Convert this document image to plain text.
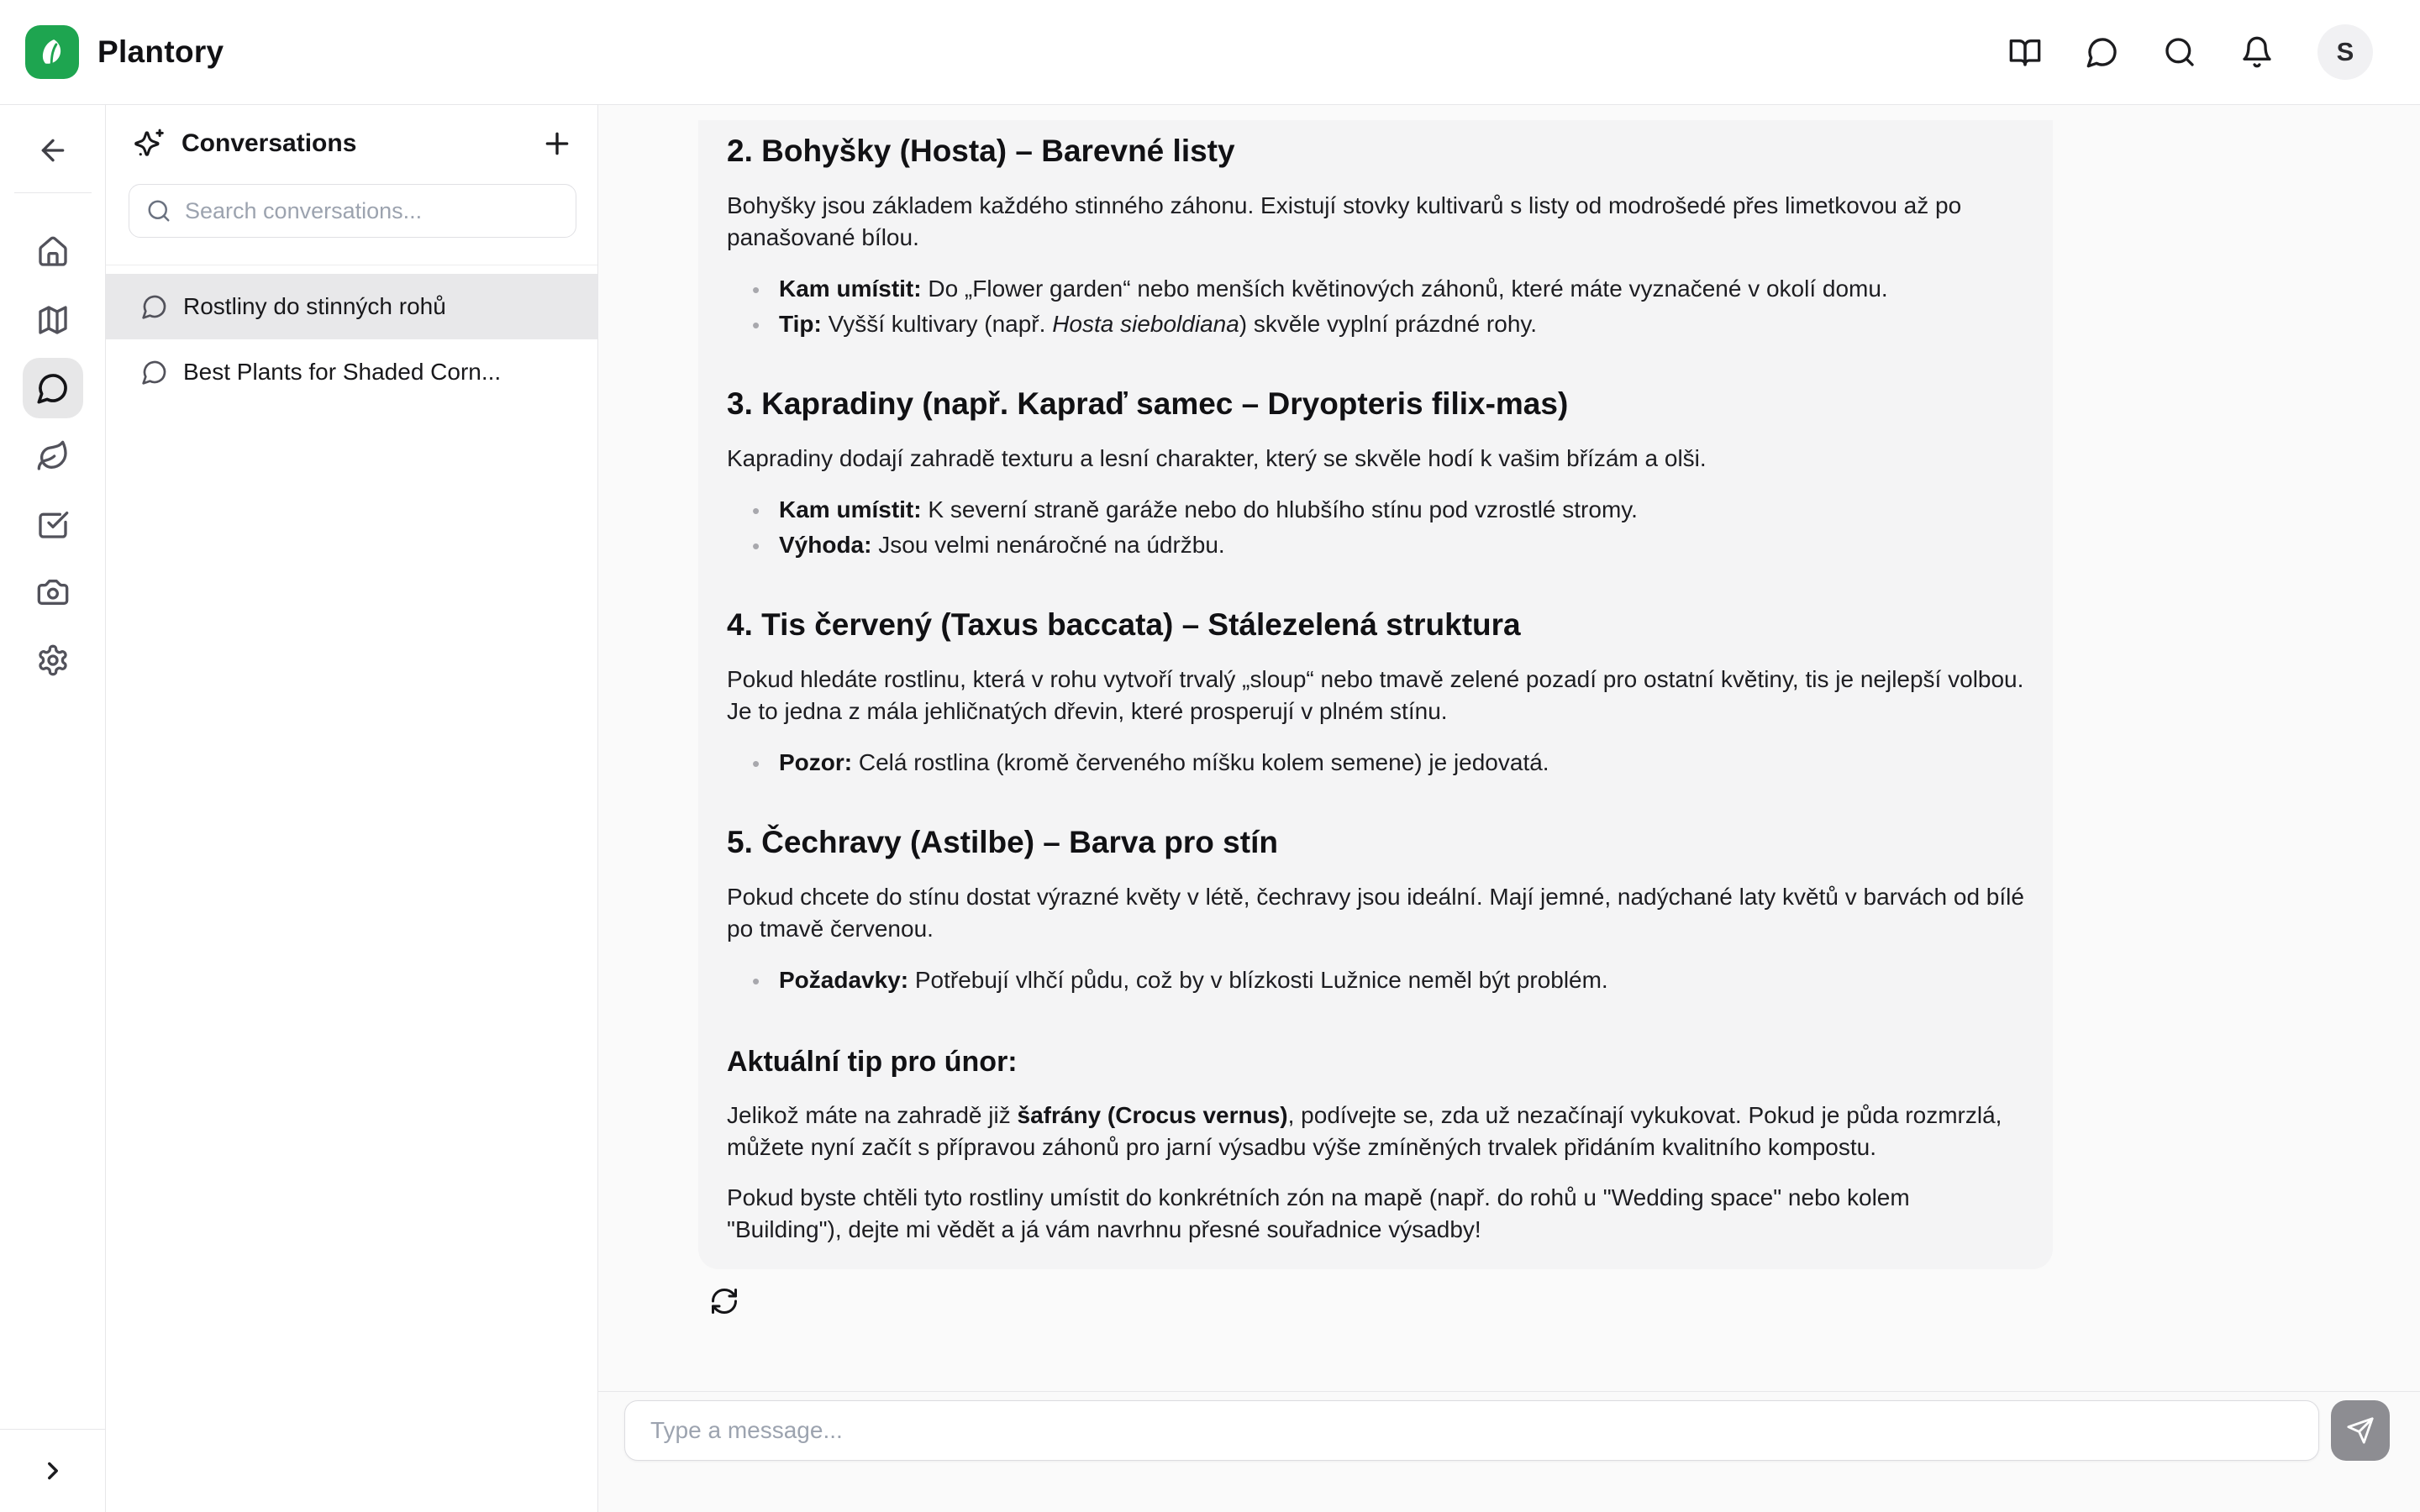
Plantory	S
Conversations
Search conversations...
Rostliny do stinných rohů
Best Plants for Shaded Corn...
2. Bohyšky (Hosta) – Barevné listy

Bohyšky jsou základem každého stinného záhonu. Existují stovky kultivarů s listy od modrošedé přes limetkovou až po panašované bílou.

• Kam umístit: Do „Flower garden“ nebo menších květinových záhonů, které máte vyznačené v okolí domu.
• Tip: Vyšší kultivary (např. Hosta sieboldiana) skvěle vyplní prázdné rohy.
3. Kapradiny (např. Kapraď samec – Dryopteris filix-mas)

Kapradiny dodají zahradě texturu a lesní charakter, který se skvěle hodí k vašim břízám a olši.

• Kam umístit: K severní straně garáže nebo do hlubšího stínu pod vzrostlé stromy.
• Výhoda: Jsou velmi nenáročné na údržbu.
4. Tis červený (Taxus baccata) – Stálezelená struktura

Pokud hledáte rostlinu, která v rohu vytvoří trvalý „sloup“ nebo tmavě zelené pozadí pro ostatní květiny, tis je nejlepší volbou. Je to jedna z mála jehličnatých dřevin, které prosperují v plném stínu.

• Pozor: Celá rostlina (kromě červeného míšku kolem semene) je jedovatá.
5. Čechravy (Astilbe) – Barva pro stín

Pokud chcete do stínu dostat výrazné květy v létě, čechravy jsou ideální. Mají jemné, nadýchané laty květů v barvách od bílé po tmavě červenou.

• Požadavky: Potřebují vlhčí půdu, což by v blízkosti Lužnice neměl být problém.
Aktuální tip pro únor:

Jelikož máte na zahradě již šafrány (Crocus vernus), podívejte se, zda už nezačínají vykukovat. Pokud je půda rozmrzlá, můžete nyní začít s přípravou záhonů pro jarní výsadbu výše zmíněných trvalek přidáním kvalitního kompostu.

Pokud byste chtěli tyto rostliny umístit do konkrétních zón na mapě (např. do rohů u "Wedding space" nebo kolem "Building"), dejte mi vědět a já vám navrhnu přesné souřadnice výsadby!

Type a message...
